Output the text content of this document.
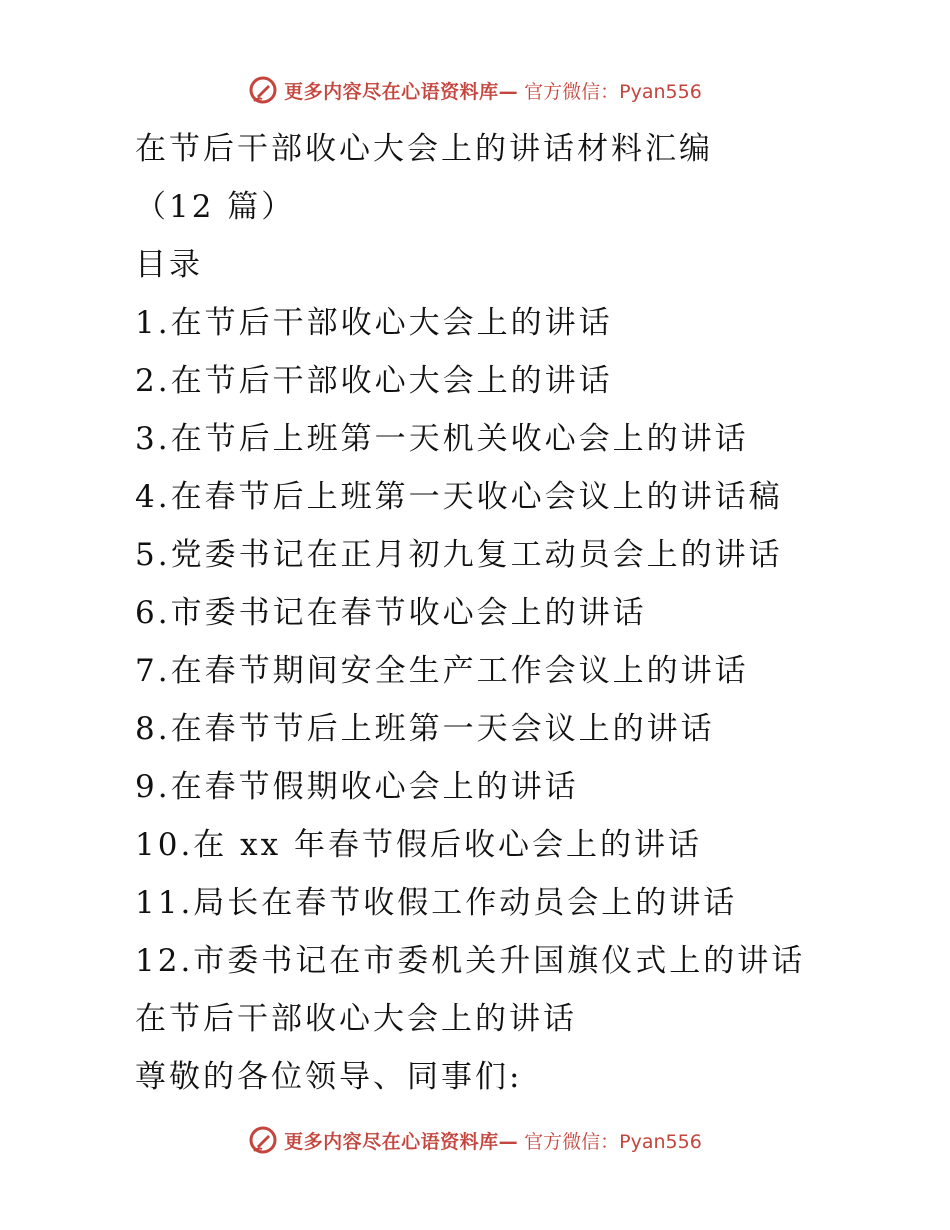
更多内容尽在心语资料库— 官方微信：Pyan556
在节后干部收心大会上的讲话材料汇编
（12 篇）
目录
1.在节后干部收心大会上的讲话
2.在节后干部收心大会上的讲话
3.在节后上班第一天机关收心会上的讲话
4.在春节后上班第一天收心会议上的讲话稿
5.党委书记在正月初九复工动员会上的讲话
6.市委书记在春节收心会上的讲话
7.在春节期间安全生产工作会议上的讲话
8.在春节节后上班第一天会议上的讲话
9.在春节假期收心会上的讲话
10.在 xx 年春节假后收心会上的讲话
11.局长在春节收假工作动员会上的讲话
12.市委书记在市委机关升国旗仪式上的讲话
在节后干部收心大会上的讲话
尊敬的各位领导、同事们:
更多内容尽在心语资料库— 官方微信：Pyan556
